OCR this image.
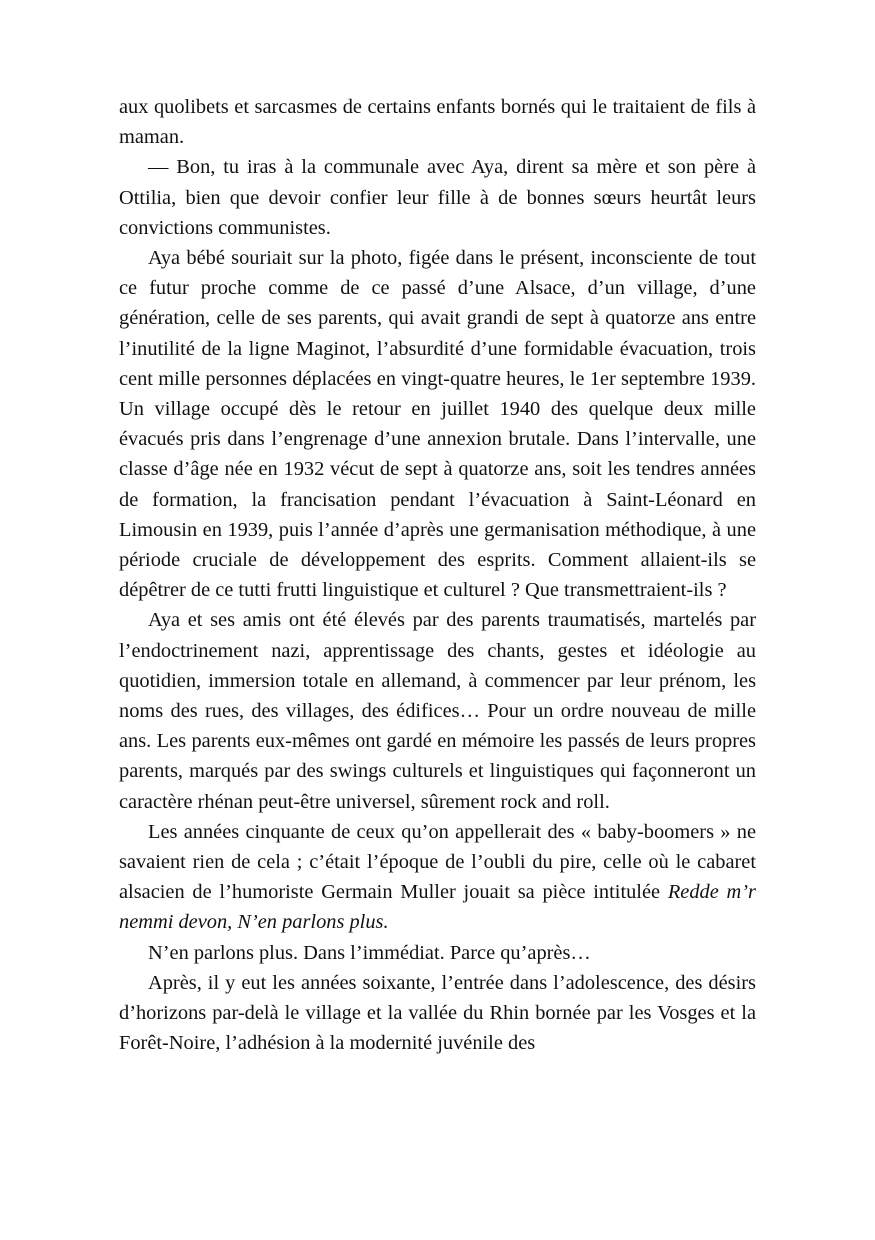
aux quolibets et sarcasmes de certains enfants bornés qui le traitaient de fils à maman.

— Bon, tu iras à la communale avec Aya, dirent sa mère et son père à Ottilia, bien que devoir confier leur fille à de bonnes sœurs heurtât leurs convictions communistes.

Aya bébé souriait sur la photo, figée dans le présent, inconsciente de tout ce futur proche comme de ce passé d’une Alsace, d’un village, d’une génération, celle de ses parents, qui avait grandi de sept à quatorze ans entre l’inutilité de la ligne Maginot, l’absurdité d’une formidable évacuation, trois cent mille personnes déplacées en vingt-quatre heures, le 1er septembre 1939. Un village occupé dès le retour en juillet 1940 des quelque deux mille évacués pris dans l’engrenage d’une annexion brutale. Dans l’intervalle, une classe d’âge née en 1932 vécut de sept à quatorze ans, soit les tendres années de formation, la francisation pendant l’évacuation à Saint-Léonard en Limousin en 1939, puis l’année d’après une germanisation méthodique, à une période cruciale de développement des esprits. Comment allaient-ils se dépêtrer de ce tutti frutti linguistique et culturel ? Que transmettraient-ils ?

Aya et ses amis ont été élevés par des parents traumatisés, martelés par l’endoctrinement nazi, apprentissage des chants, gestes et idéologie au quotidien, immersion totale en allemand, à commencer par leur prénom, les noms des rues, des villages, des édifices… Pour un ordre nouveau de mille ans. Les parents eux-mêmes ont gardé en mémoire les passés de leurs propres parents, marqués par des swings culturels et linguistiques qui façonneront un caractère rhénan peut-être universel, sûrement rock and roll.

Les années cinquante de ceux qu’on appellerait des « baby-boomers » ne savaient rien de cela ; c’était l’époque de l’oubli du pire, celle où le cabaret alsacien de l’humoriste Germain Muller jouait sa pièce intitulée Redde m’r nemmi devon, N’en parlons plus.

N’en parlons plus. Dans l’immédiat. Parce qu’après…

Après, il y eut les années soixante, l’entrée dans l’adolescence, des désirs d’horizons par-delà le village et la vallée du Rhin bornée par les Vosges et la Forêt-Noire, l’adhésion à la modernité juvénile des
